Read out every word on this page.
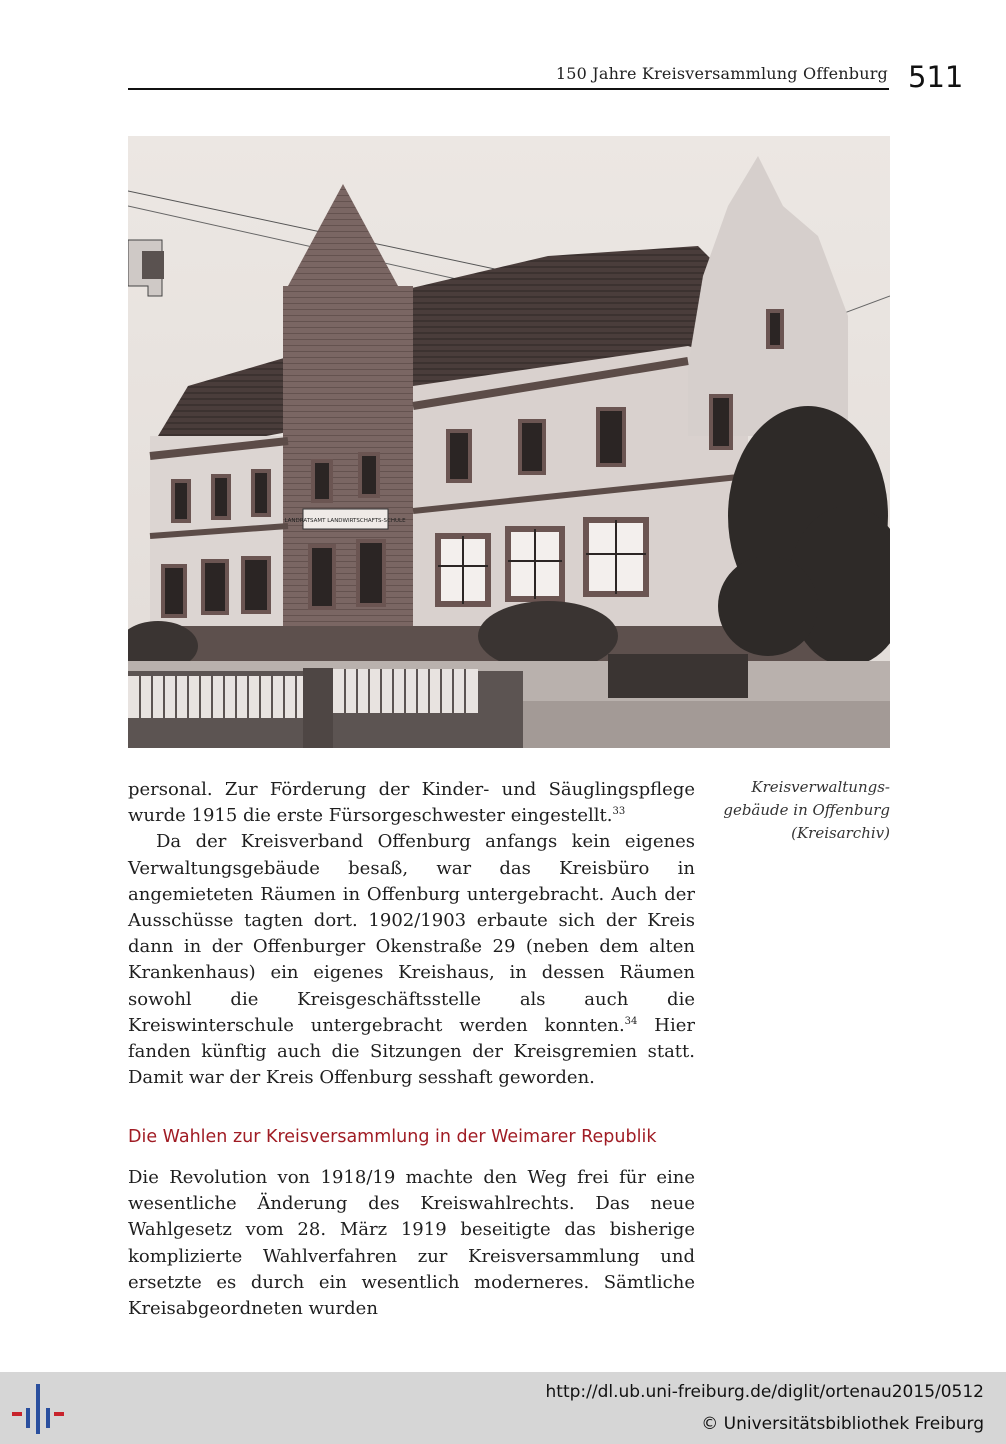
150 Jahre Kreisversammlung Offenburg 511
LANDRATSAMT LANDWIRTSCHAFTS-SCHULE
Kreisverwaltungs-
gebäude in Offenburg
(Kreisarchiv)

personal. Zur Förderung der Kinder- und Säuglingspflege wurde 1915 die erste Fürsorgeschwester eingestellt.$^{33}$

Da der Kreisverband Offenburg anfangs kein eigenes Verwaltungsgebäude besaß, war das Kreisbüro in angemieteten Räumen in Offenburg untergebracht. Auch der Ausschüsse tagten dort. 1902/1903 erbaute sich der Kreis dann in der Offenburger Okenstraße 29 (neben dem alten Krankenhaus) ein eigenes Kreishaus, in dessen Räumen sowohl die Kreisgeschäftsstelle als auch die Kreiswinterschule untergebracht werden konnten.$^{34}$ Hier fanden künftig auch die Sitzungen der Kreisgremien statt. Damit war der Kreis Offenburg sesshaft geworden.

Die Wahlen zur Kreisversammlung in der Weimarer Republik

Die Revolution von 1918/19 machte den Weg frei für eine wesentliche Änderung des Kreiswahlrechts. Das neue Wahlgesetz vom 28. März 1919 beseitigte das bisherige komplizierte Wahlverfahren zur Kreisversammlung und ersetzte es durch ein wesentlich moderneres. Sämtliche Kreisabgeordneten wurden

http://dl.ub.uni-freiburg.de/diglit/ortenau2015/0512
© Universitätsbibliothek Freiburg
